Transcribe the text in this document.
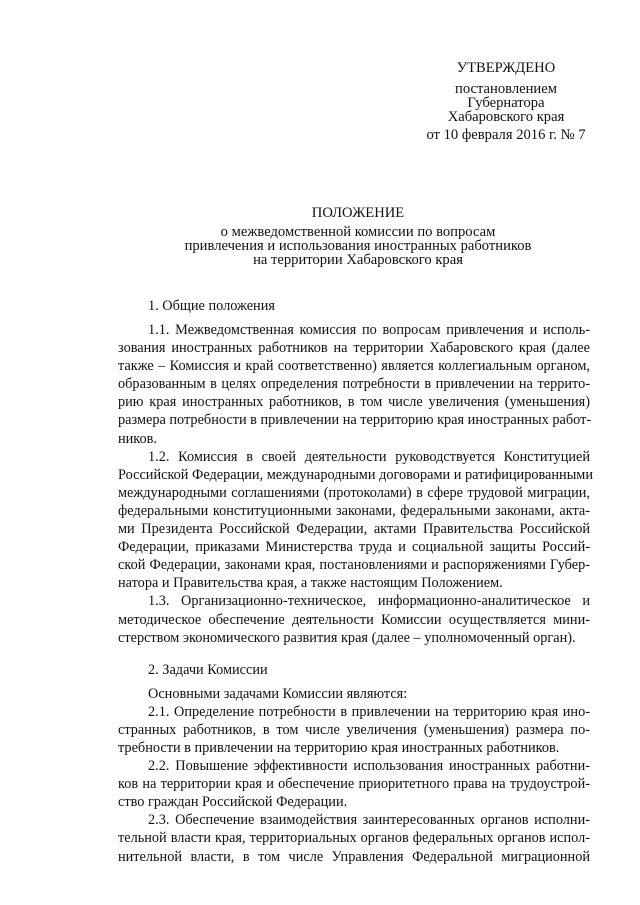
УТВЕРЖДЕНО
постановлением
Губернатора
Хабаровского края
от 10 февраля 2016 г. № 7
ПОЛОЖЕНИЕ
о межведомственной комиссии по вопросам
привлечения и использования иностранных работников
на территории Хабаровского края
1. Общие положения
1.1. Межведомственная комиссия по вопросам привлечения и исполь-
зования иностранных работников на территории Хабаровского края (далее
также – Комиссия и край соответственно) является коллегиальным органом,
образованным в целях определения потребности в привлечении на террито-
рию края иностранных работников, в том числе увеличения (уменьшения)
размера потребности в привлечении на территорию края иностранных работ-
ников.
1.2. Комиссия в своей деятельности руководствуется Конституцией
Российской Федерации, международными договорами и ратифицированными
международными соглашениями (протоколами) в сфере трудовой миграции,
федеральными конституционными законами, федеральными законами, акта-
ми Президента Российской Федерации, актами Правительства Российской
Федерации, приказами Министерства труда и социальной защиты Россий-
ской Федерации, законами края, постановлениями и распоряжениями Губер-
натора и Правительства края, а также настоящим Положением.
1.3. Организационно-техническое, информационно-аналитическое и
методическое обеспечение деятельности Комиссии осуществляется мини-
стерством экономического развития края (далее – уполномоченный орган).
2. Задачи Комиссии
Основными задачами Комиссии являются:
2.1. Определение потребности в привлечении на территорию края ино-
странных работников, в том числе увеличения (уменьшения) размера по-
требности в привлечении на территорию края иностранных работников.
2.2. Повышение эффективности использования иностранных работни-
ков на территории края и обеспечение приоритетного права на трудоустрой-
ство граждан Российской Федерации.
2.3. Обеспечение взаимодействия заинтересованных органов исполни-
тельной власти края, территориальных органов федеральных органов испол-
нительной власти, в том числе Управления Федеральной миграционной
